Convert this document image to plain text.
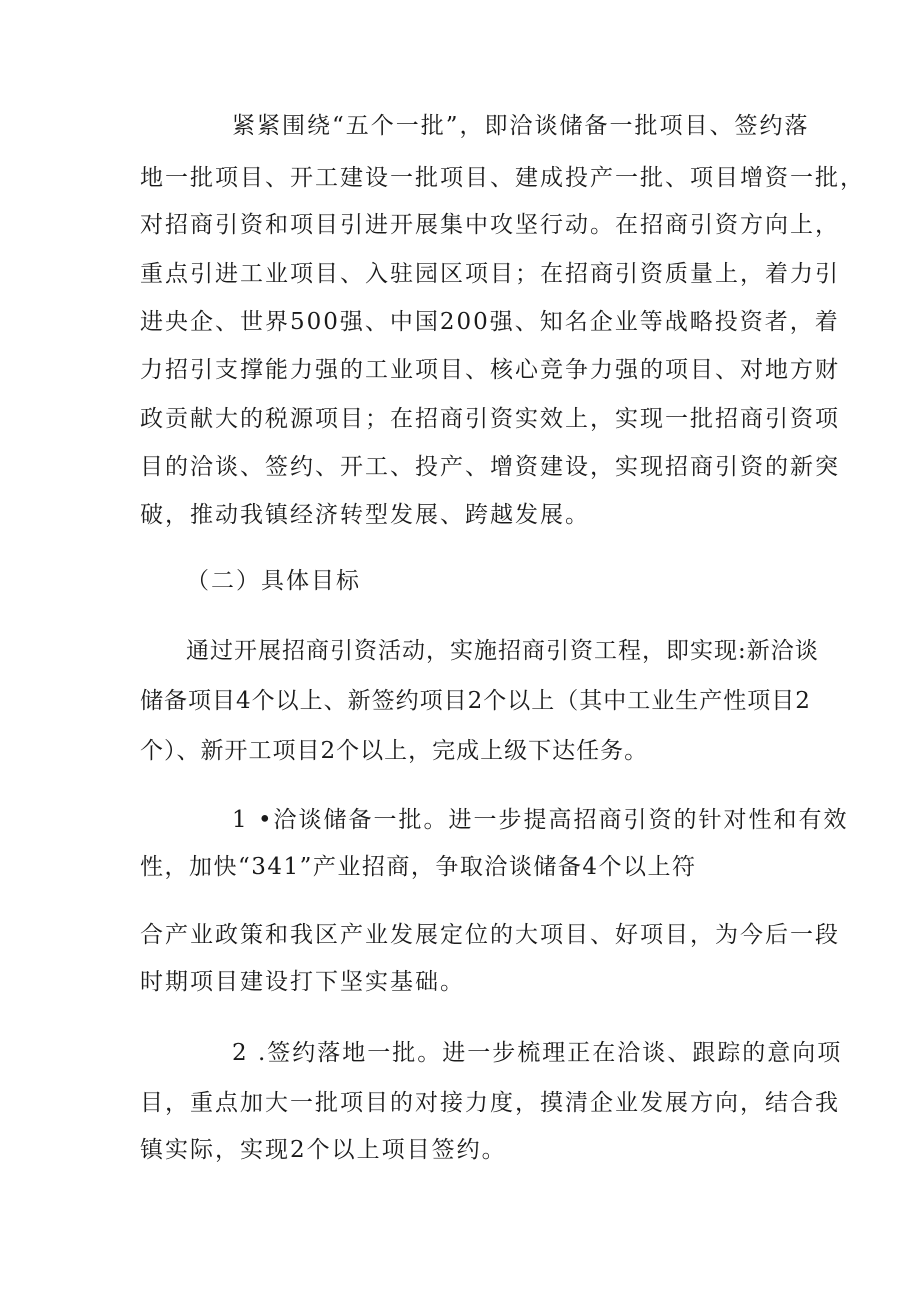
紧紧围绕“五个一批”，即洽谈储备一批项目、签约落
地一批项目、开工建设一批项目、建成投产一批、项目增资一批，
对招商引资和项目引进开展集中攻坚行动。在招商引资方向上，
重点引进工业项目、入驻园区项目；在招商引资质量上，着力引
进央企、世界500强、中国200强、知名企业等战略投资者，着
力招引支撑能力强的工业项目、核心竞争力强的项目、对地方财
政贡献大的税源项目；在招商引资实效上，实现一批招商引资项
目的洽谈、签约、开工、投产、增资建设，实现招商引资的新突
破，推动我镇经济转型发展、跨越发展。
（二）具体目标
通过开展招商引资活动，实施招商引资工程，即实现:新洽谈
储备项目4个以上、新签约项目2个以上（其中工业生产性项目2
个）、新开工项目2个以上，完成上级下达任务。
1 •洽谈储备一批。进一步提高招商引资的针对性和有效
性，加快“341”产业招商，争取洽谈储备4个以上符
合产业政策和我区产业发展定位的大项目、好项目，为今后一段
时期项目建设打下坚实基础。
2 .签约落地一批。进一步梳理正在洽谈、跟踪的意向项
目，重点加大一批项目的对接力度，摸清企业发展方向，结合我
镇实际，实现2个以上项目签约。
